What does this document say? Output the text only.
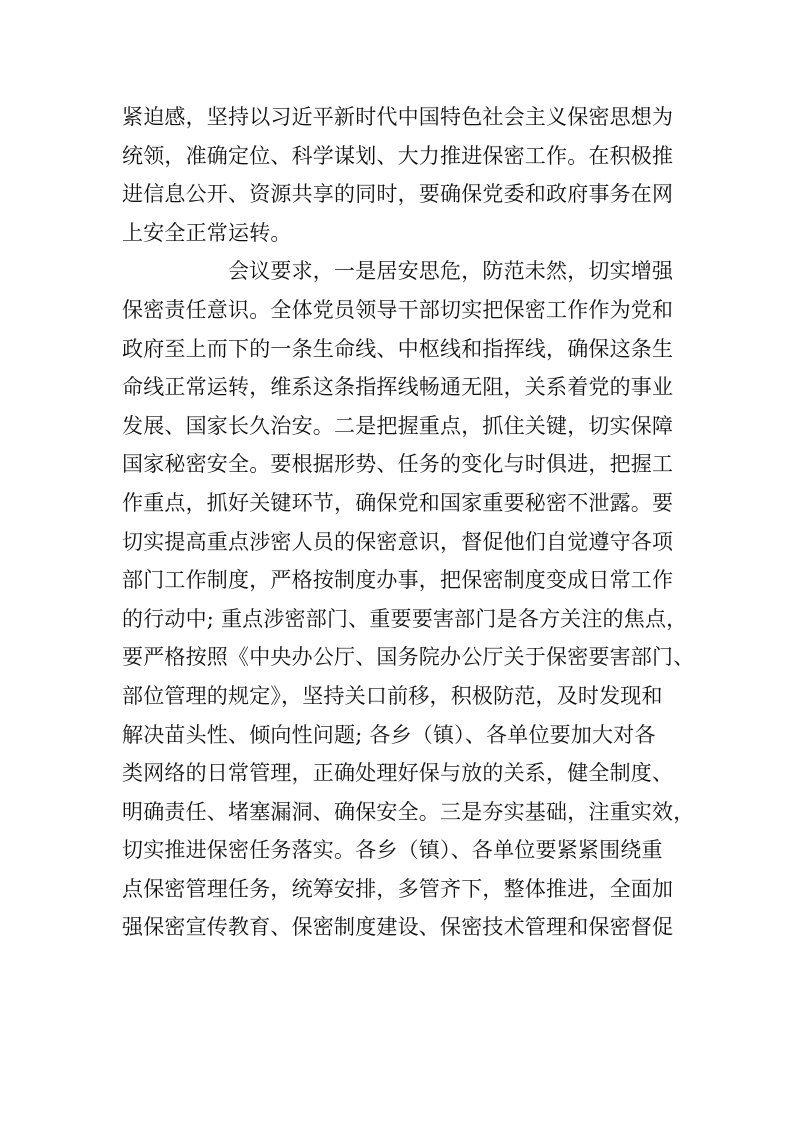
紧迫感，坚持以习近平新时代中国特色社会主义保密思想为
统领，准确定位、科学谋划、大力推进保密工作。在积极推
进信息公开、资源共享的同时，要确保党委和政府事务在网
上安全正常运转。
会议要求，一是居安思危，防范未然，切实增强
保密责任意识。全体党员领导干部切实把保密工作作为党和
政府至上而下的一条生命线、中枢线和指挥线，确保这条生
命线正常运转，维系这条指挥线畅通无阻，关系着党的事业
发展、国家长久治安。二是把握重点，抓住关键，切实保障
国家秘密安全。要根据形势、任务的变化与时俱进，把握工
作重点，抓好关键环节，确保党和国家重要秘密不泄露。要
切实提高重点涉密人员的保密意识，督促他们自觉遵守各项
部门工作制度，严格按制度办事，把保密制度变成日常工作
的行动中; 重点涉密部门、重要要害部门是各方关注的焦点，
要严格按照《中央办公厅、国务院办公厅关于保密要害部门、
部位管理的规定》，坚持关口前移，积极防范，及时发现和
解决苗头性、倾向性问题; 各乡（镇）、各单位要加大对各
类网络的日常管理，正确处理好保与放的关系，健全制度、
明确责任、堵塞漏洞、确保安全。三是夯实基础，注重实效，
切实推进保密任务落实。各乡（镇）、各单位要紧紧围绕重
点保密管理任务，统筹安排，多管齐下，整体推进，全面加
强保密宣传教育、保密制度建设、保密技术管理和保密督促
